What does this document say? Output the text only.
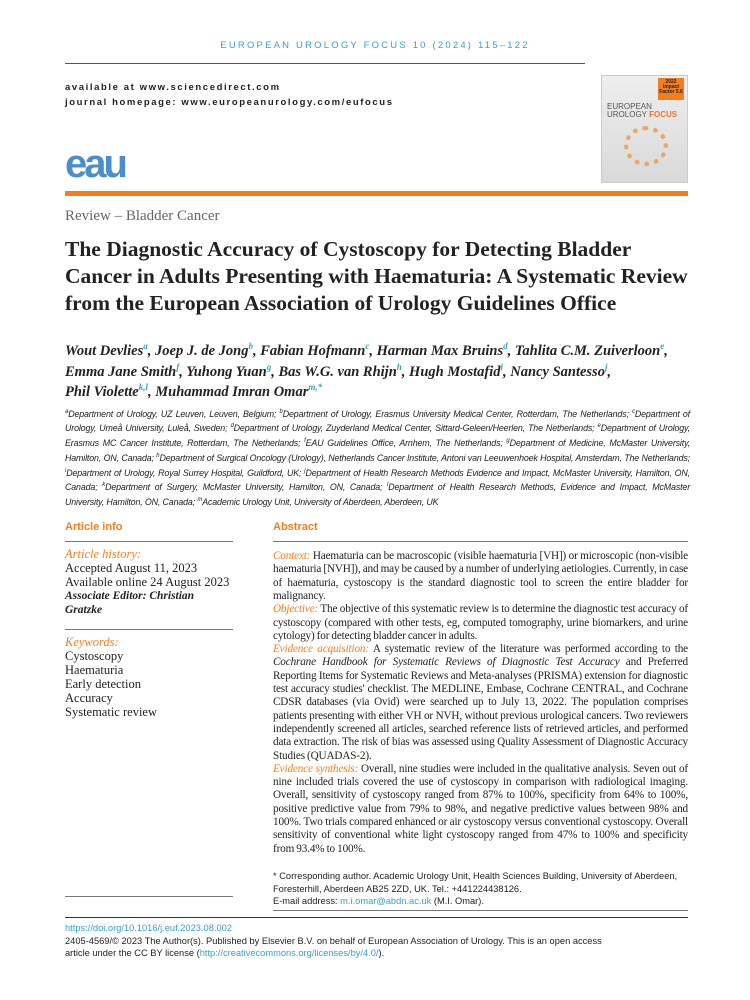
EUROPEAN UROLOGY FOCUS 10 (2024) 115–122
available at www.sciencedirect.com
journal homepage: www.europeanurology.com/eufocus
2022 Impact Factor 5.6
EUROPEAN
UROLOGY FOCUS
eau
Review – Bladder Cancer
The Diagnostic Accuracy of Cystoscopy for Detecting Bladder Cancer in Adults Presenting with Haematuria: A Systematic Review from the European Association of Urology Guidelines Office
Wout Devlies$^a$, Joep J. de Jong$^b$, Fabian Hofmann$^c$, Harman Max Bruins$^d$, Tahlita C.M. Zuiverloon$^e$,
Emma Jane Smith$^f$, Yuhong Yuan$^g$, Bas W.G. van Rhijn$^h$, Hugh Mostafid$^i$, Nancy Santesso$^j$,
Phil Violette$^{k,l}$, Muhammad Imran Omar$^{m,*}$
$^a$Department of Urology, UZ Leuven, Leuven, Belgium; $^b$Department of Urology, Erasmus University Medical Center, Rotterdam, The Netherlands; $^c$Department of Urology, Umeå University, Luleå, Sweden; $^d$Department of Urology, Zuyderland Medical Center, Sittard-Geleen/Heerlen, The Netherlands; $^e$Department of Urology, Erasmus MC Cancer Institute, Rotterdam, The Netherlands; $^f$EAU Guidelines Office, Arnhem, The Netherlands; $^g$Department of Medicine, McMaster University, Hamilton, ON, Canada; $^h$Department of Surgical Oncology (Urology), Netherlands Cancer Institute, Antoni van Leeuwenhoek Hospital, Amsterdam, The Netherlands; $^i$Department of Urology, Royal Surrey Hospital, Guildford, UK; $^j$Department of Health Research Methods Evidence and Impact, McMaster University, Hamilton, ON, Canada; $^k$Department of Surgery, McMaster University, Hamilton, ON, Canada; $^l$Department of Health Research Methods, Evidence and Impact, McMaster University, Hamilton, ON, Canada; $^m$Academic Urology Unit, University of Aberdeen, Aberdeen, UK
Article info
Article history:
Accepted August 11, 2023
Available online 24 August 2023
Associate Editor: Christian Gratzke
Keywords:
Cystoscopy
Haematuria
Early detection
Accuracy
Systematic review
Abstract
Context: Haematuria can be macroscopic (visible haematuria [VH]) or microscopic (non-visible haematuria [NVH]), and may be caused by a number of underlying aetiologies. Currently, in case of haematuria, cystoscopy is the standard diagnostic tool to screen the entire bladder for malignancy.
Objective: The objective of this systematic review is to determine the diagnostic test accuracy of cystoscopy (compared with other tests, eg, computed tomography, urine biomarkers, and urine cytology) for detecting bladder cancer in adults.
Evidence acquisition: A systematic review of the literature was performed according to the Cochrane Handbook for Systematic Reviews of Diagnostic Test Accuracy and Preferred Reporting Items for Systematic Reviews and Meta-analyses (PRISMA) extension for diagnostic test accuracy studies' checklist. The MEDLINE, Embase, Cochrane CENTRAL, and Cochrane CDSR databases (via Ovid) were searched up to July 13, 2022. The population comprises patients presenting with either VH or NVH, without previous urological cancers. Two reviewers independently screened all articles, searched reference lists of retrieved articles, and performed data extraction. The risk of bias was assessed using Quality Assessment of Diagnostic Accuracy Studies (QUADAS-2).
Evidence synthesis: Overall, nine studies were included in the qualitative analysis. Seven out of nine included trials covered the use of cystoscopy in comparison with radiological imaging. Overall, sensitivity of cystoscopy ranged from 87% to 100%, specificity from 64% to 100%, positive predictive value from 79% to 98%, and negative predictive values between 98% and 100%. Two trials compared enhanced or air cystoscopy versus conventional cystoscopy. Overall sensitivity of conventional white light cystoscopy ranged from 47% to 100% and specificity from 93.4% to 100%.
* Corresponding author. Academic Urology Unit, Health Sciences Building, University of Aberdeen, Foresterhill, Aberdeen AB25 2ZD, UK. Tel.: +441224438126.
E-mail address: m.i.omar@abdn.ac.uk (M.I. Omar).
https://doi.org/10.1016/j.euf.2023.08.002
2405-4569/© 2023 The Author(s). Published by Elsevier B.V. on behalf of European Association of Urology. This is an open access article under the CC BY license (http://creativecommons.org/licenses/by/4.0/).
